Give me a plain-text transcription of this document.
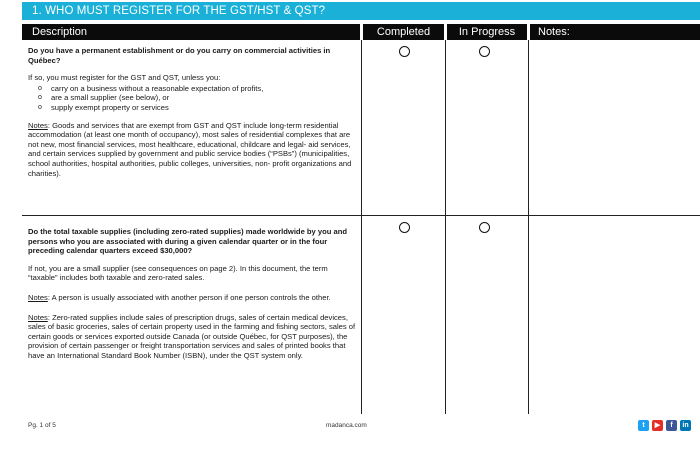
1. WHO MUST REGISTER FOR THE GST/HST & QST?
Description	Completed	In Progress	Notes:

Do you have a permanent establishment or do you carry on commercial activities in Québec?

If so, you must register for the GST and QST, unless you:

o carry on a business without a reasonable expectation of profits,
o are a small supplier (see below), or
o supply exempt property or services

Notes: Goods and services that are exempt from GST and QST include long-term residential accommodation (at least one month of occupancy), most sales of residential complexes that are not new, most financial services, most healthcare, educational, childcare and legal- aid services, and certain services supplied by government and public service bodies (“PSBs”) (municipalities, school authorities, hospital authorities, public colleges, universities, non- profit organizations and charities).

Do the total taxable supplies (including zero-rated supplies) made worldwide by you and persons who you are associated with during a given calendar quarter or in the four preceding calendar quarters exceed $30,000?

If not, you are a small supplier (see consequences on page 2). In this document, the term “taxable” includes both taxable and zero-rated sales.

Notes: A person is usually associated with another person if one person controls the other.

Notes: Zero-rated supplies include sales of prescription drugs, sales of certain medical devices, sales of basic groceries, sales of certain property used in the farming and fishing sectors, sales of certain goods or services exported outside Canada (or outside Québec, for QST purposes), the provision of certain passenger or freight transportation services and sales of printed books that have an International Standard Book Number (ISBN), under the QST system only.

Pg. 1 of 5	madanca.com	t	▶	f	in
